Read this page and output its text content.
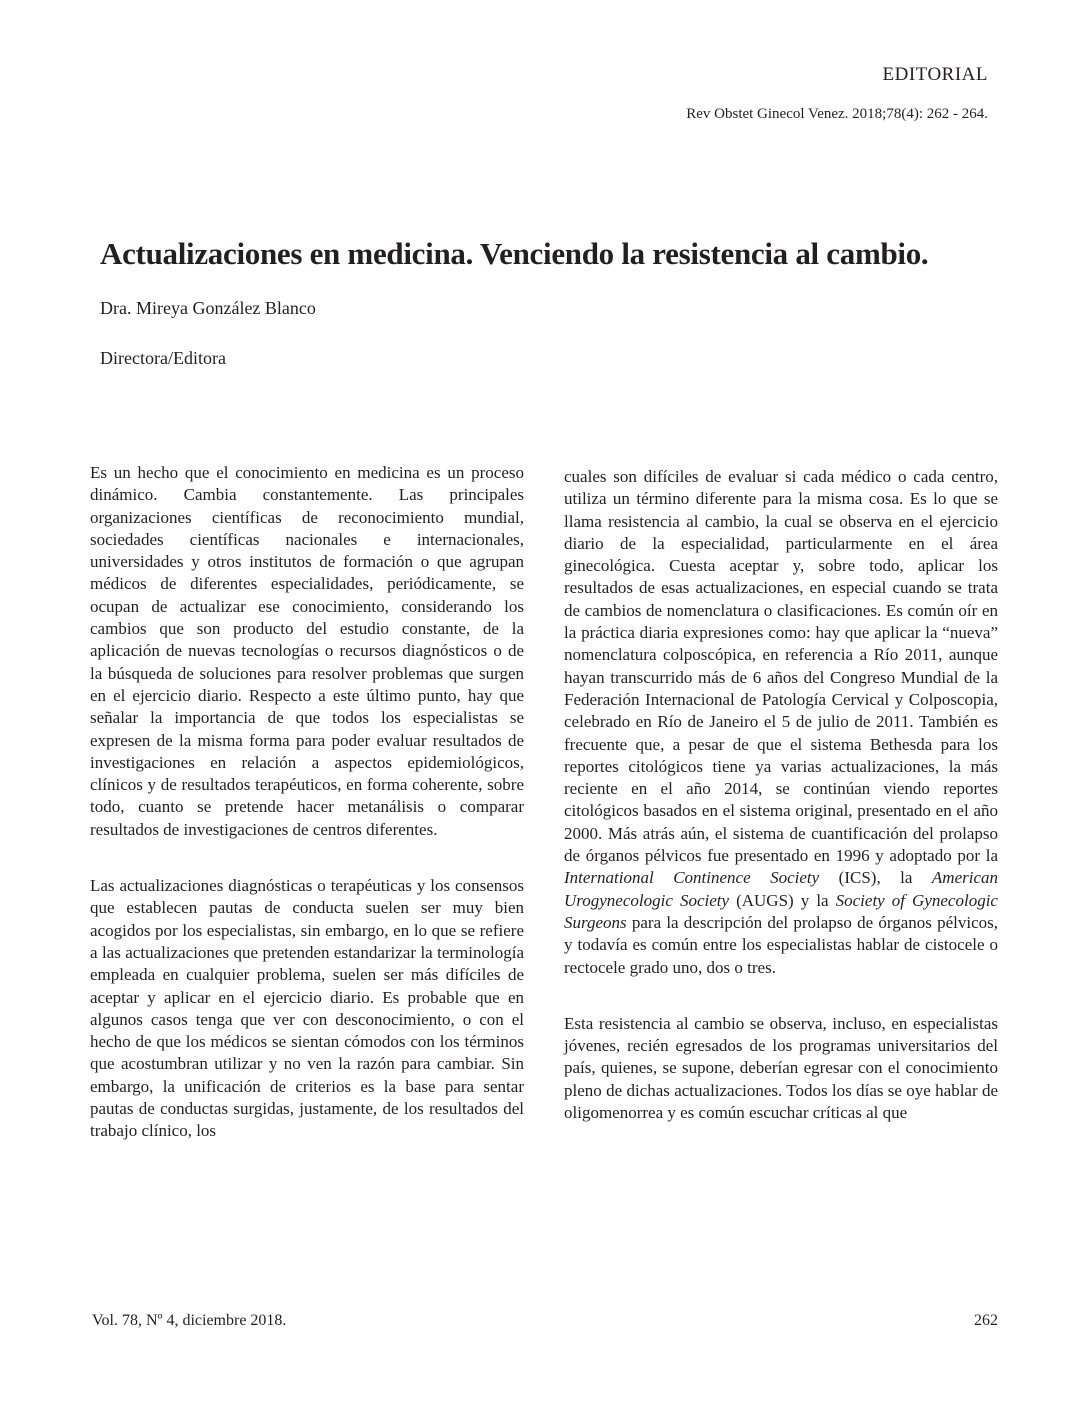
EDITORIAL
Rev Obstet Ginecol Venez. 2018;78(4): 262 - 264.
Actualizaciones en medicina. Venciendo la resistencia al cambio.
Dra. Mireya González Blanco
Directora/Editora

Es un hecho que el conocimiento en medicina es un proceso dinámico. Cambia constantemente. Las principales organizaciones científicas de reconocimiento mundial, sociedades científicas nacionales e internacionales, universidades y otros institutos de formación o que agrupan médicos de diferentes especialidades, periódicamente, se ocupan de actualizar ese conocimiento, considerando los cambios que son producto del estudio constante, de la aplicación de nuevas tecnologías o recursos diagnósticos o de la búsqueda de soluciones para resolver problemas que surgen en el ejercicio diario. Respecto a este último punto, hay que señalar la importancia de que todos los especialistas se expresen de la misma forma para poder evaluar resultados de investigaciones en relación a aspectos epidemiológicos, clínicos y de resultados terapéuticos, en forma coherente, sobre todo, cuanto se pretende hacer metanálisis o comparar resultados de investigaciones de centros diferentes.

Las actualizaciones diagnósticas o terapéuticas y los consensos que establecen pautas de conducta suelen ser muy bien acogidos por los especialistas, sin embargo, en lo que se refiere a las actualizaciones que pretenden estandarizar la terminología empleada en cualquier problema, suelen ser más difíciles de aceptar y aplicar en el ejercicio diario. Es probable que en algunos casos tenga que ver con desconocimiento, o con el hecho de que los médicos se sientan cómodos con los términos que acostumbran utilizar y no ven la razón para cambiar. Sin embargo, la unificación de criterios es la base para sentar pautas de conductas surgidas, justamente, de los resultados del trabajo clínico, los

cuales son difíciles de evaluar si cada médico o cada centro, utiliza un término diferente para la misma cosa. Es lo que se llama resistencia al cambio, la cual se observa en el ejercicio diario de la especialidad, particularmente en el área ginecológica. Cuesta aceptar y, sobre todo, aplicar los resultados de esas actualizaciones, en especial cuando se trata de cambios de nomenclatura o clasificaciones. Es común oír en la práctica diaria expresiones como: hay que aplicar la “nueva” nomenclatura colposcópica, en referencia a Río 2011, aunque hayan transcurrido más de 6 años del Congreso Mundial de la Federación Internacional de Patología Cervical y Colposcopia, celebrado en Río de Janeiro el 5 de julio de 2011. También es frecuente que, a pesar de que el sistema Bethesda para los reportes citológicos tiene ya varias actualizaciones, la más reciente en el año 2014, se continúan viendo reportes citológicos basados en el sistema original, presentado en el año 2000. Más atrás aún, el sistema de cuantificación del prolapso de órganos pélvicos fue presentado en 1996 y adoptado por la International Continence Society (ICS), la American Urogynecologic Society (AUGS) y la Society of Gynecologic Surgeons para la descripción del prolapso de órganos pélvicos, y todavía es común entre los especialistas hablar de cistocele o rectocele grado uno, dos o tres.

Esta resistencia al cambio se observa, incluso, en especialistas jóvenes, recién egresados de los programas universitarios del país, quienes, se supone, deberían egresar con el conocimiento pleno de dichas actualizaciones. Todos los días se oye hablar de oligomenorrea y es común escuchar críticas al que

Vol. 78, Nº 4, diciembre 2018.	262
